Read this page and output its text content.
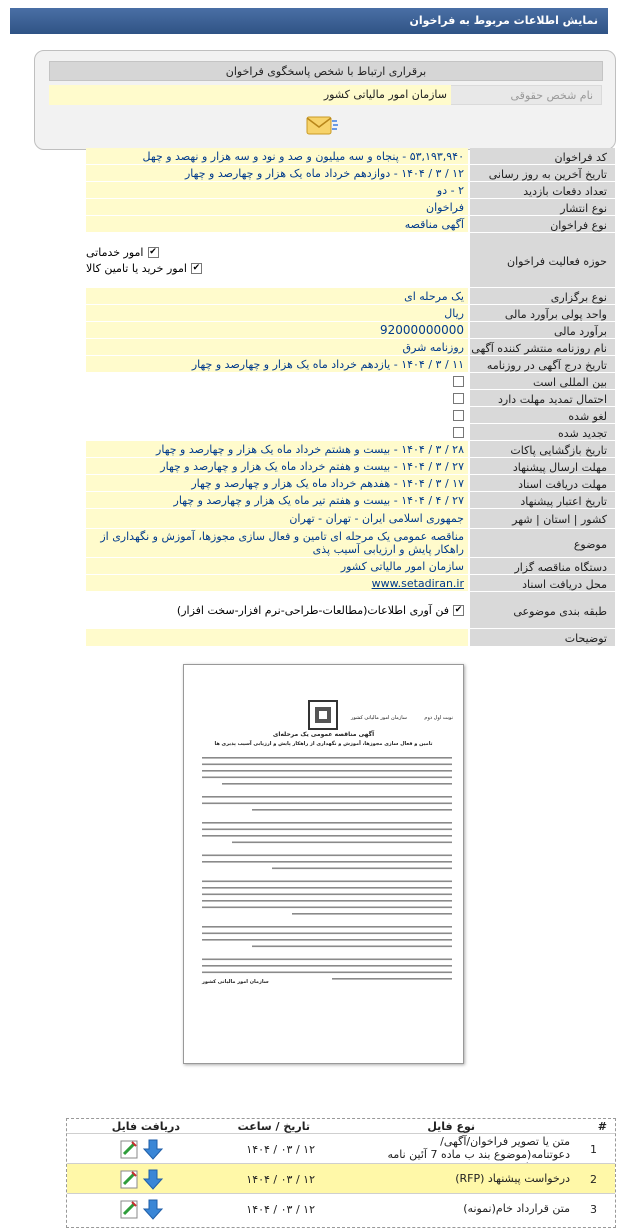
نمایش اطلاعات مربوط به فراخوان
برقراری ارتباط با شخص پاسخگوی فراخوان
نام شخص حقوقی
سازمان امور مالیاتی کشور
کد فراخوان
۵۳,۱۹۳,۹۴۰ - پنجاه و سه میلیون و صد و نود و سه هزار و نهصد و چهل
تاریخ آخرین به روز رسانی
۱۲ / ۳ / ۱۴۰۴ - دوازدهم خرداد ماه یک هزار و چهارصد و چهار
تعداد دفعات بازدید
۲ - دو
نوع انتشار
فراخوان
نوع فراخوان
آگهی مناقصه
حوزه فعالیت فراخوان
✔امور خدماتی
✔امور خرید یا تامین کالا
نوع برگزاری
یک مرحله ای
واحد پولی برآورد مالی
ریال
برآورد مالی
92000000000
نام روزنامه منتشر کننده آگهی
روزنامه شرق
تاریخ درج آگهی در روزنامه
۱۱ / ۳ / ۱۴۰۴ - یازدهم خرداد ماه یک هزار و چهارصد و چهار
بین المللی است
احتمال تمدید مهلت دارد
لغو شده
تجدید شده
تاریخ بازگشایی پاکات
۲۸ / ۳ / ۱۴۰۴ - بیست و هشتم خرداد ماه یک هزار و چهارصد و چهار
مهلت ارسال پیشنهاد
۲۷ / ۳ / ۱۴۰۴ - بیست و هفتم خرداد ماه یک هزار و چهارصد و چهار
مهلت دریافت اسناد
۱۷ / ۳ / ۱۴۰۴ - هفدهم خرداد ماه یک هزار و چهارصد و چهار
تاریخ اعتبار پیشنهاد
۲۷ / ۴ / ۱۴۰۴ - بیست و هفتم تیر ماه یک هزار و چهارصد و چهار
کشور | استان | شهر
جمهوری اسلامی ایران - تهران - تهران
موضوع
مناقصه عمومی یک مرحله ای تامین و فعال سازی مجوزها، آموزش و نگهداری از راهکار پایش و ارزیابی آسیب پذی
دستگاه مناقصه گزار
سازمان امور مالیاتی کشور
محل دریافت اسناد
www.setadiran.ir
طبقه بندی موضوعی
✔
فن آوری اطلاعات(مطالعات-طراحی-نرم افزار-سخت افزار)
توضیحات
سازمان امور مالیاتی کشور	نوبت اول دوم
آگهی مناقصه عمومی یک مرحله‌ای
تامین و فعال سازی مجوزها، آموزش و نگهداری از راهکار پایش و ارزیابی آسیب پذیری ها
سازمان امور مالیاتی کشور
#
نوع فایل
تاریخ / ساعت
دریافت فایل
1
متن یا تصویر فراخوان/آگهی/دعوتنامه(موضوع بند ب ماده 7 آئین نامه
۱۲ / ۰۳ / ۱۴۰۴
2
درخواست پیشنهاد (RFP)
۱۲ / ۰۳ / ۱۴۰۴
3
متن قرارداد خام(نمونه)
۱۲ / ۰۳ / ۱۴۰۴
